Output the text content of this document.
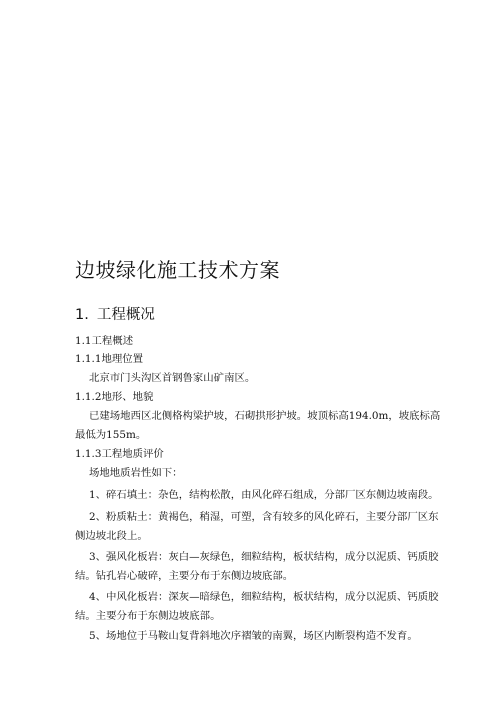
边坡绿化施工技术方案
1. 工程概况
1.1工程概述
1.1.1地理位置
北京市门头沟区首钢鲁家山矿南区。
1.1.2地形、地貌
已建场地西区北侧格构梁护坡，石砌拱形护坡。坡顶标高194.0m，坡底标高
最低为155m。
1.1.3工程地质评价
场地地质岩性如下：
1、碎石填土：杂色，结构松散，由风化碎石组成，分部厂区东侧边坡南段。
2、粉质粘土：黄褐色，稍湿，可塑，含有较多的风化碎石，主要分部厂区东
侧边坡北段上。
3、强风化板岩：灰白—灰绿色，细粒结构，板状结构，成分以泥质、钙质胶
结。钻孔岩心破碎，主要分布于东侧边坡底部。
4、中风化板岩：深灰—暗绿色，细粒结构，板状结构，成分以泥质、钙质胶
结。主要分布于东侧边坡底部。
5、场地位于马鞍山复背斜地次序褶皱的南翼，场区内断裂构造不发育。
